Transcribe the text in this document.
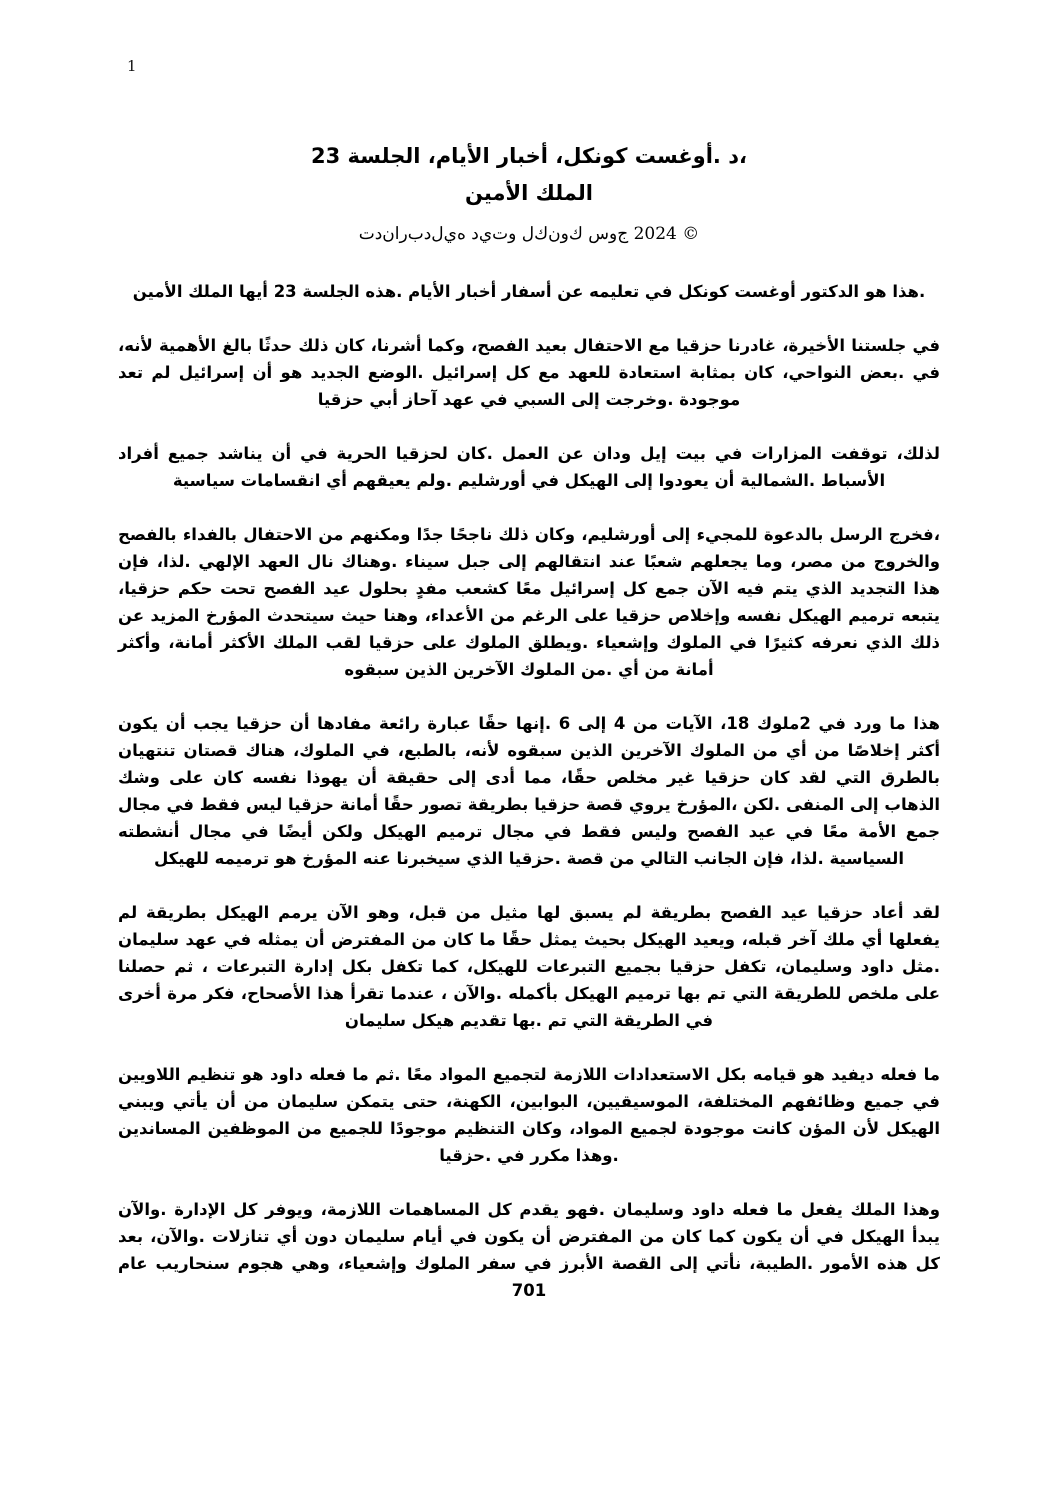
1
،د .أوغست كونكل، أخبار الأيام، الجلسة 23
الملك الأمين
© 2024 ج‌و‌س ك‌و‌ن‌ك‌ل و‌ت‌ي‌د ه‌ي‌ل‌د‌ب‌ر‌ا‌ن‌د‌ت

.هذا هو الدكتور أوغست كونكل في تعليمه عن أسفار أخبار الأيام .هذه الجلسة 23 أيها الملك الأمين

في جلستنا الأخيرة، غادرنا حزقيا مع الاحتفال بعيد الفصح، وكما أشرنا، كان ذلك حدثًا بالغ الأهمية لأنه، في .بعض النواحي، كان بمثابة استعادة للعهد مع كل إسرائيل .الوضع الجديد هو أن إسرائيل لم تعد موجودة .وخرجت إلى السبي في عهد آحاز أبي حزقيا

لذلك، توقفت المزارات في بيت إيل ودان عن العمل .كان لحزقيا الحرية في أن يناشد جميع أفراد الأسباط .الشمالية أن يعودوا إلى الهيكل في أورشليم .ولم يعيقهم أي انقسامات سياسية

،فخرج الرسل بالدعوة للمجيء إلى أورشليم، وكان ذلك ناجحًا جدًا ومكنهم من الاحتفال بالفداء بالفصح والخروج من مصر، وما يجعلهم شعبًا عند انتقالهم إلى جبل سيناء .وهناك نال العهد الإلهي .لذا، فإن هذا التجديد الذي يتم فيه الآن جمع كل إسرائيل معًا كشعب مفدٍ بحلول عيد الفصح تحت حكم حزقيا، يتبعه ترميم الهيكل نفسه وإخلاص حزقيا على الرغم من الأعداء، وهنا حيث سيتحدث المؤرخ المزيد عن ذلك الذي نعرفه كثيرًا في الملوك وإشعياء .ويطلق الملوك على حزقيا لقب الملك الأكثر أمانة، وأكثر أمانة من أي .من الملوك الآخرين الذين سبقوه

هذا ما ورد في 2ملوك 18، الآيات من 4 إلى 6 .إنها حقًا عبارة رائعة مفادها أن حزقيا يجب أن يكون أكثر إخلاصًا من أي من الملوك الآخرين الذين سبقوه لأنه، بالطبع، في الملوك، هناك قصتان تنتهيان بالطرق التي لقد كان حزقيا غير مخلص حقًا، مما أدى إلى حقيقة أن يهوذا نفسه كان على وشك الذهاب إلى المنفى .لكن ،المؤرخ يروي قصة حزقيا بطريقة تصور حقًا أمانة حزقيا ليس فقط في مجال جمع الأمة معًا في عيد الفصح وليس فقط في مجال ترميم الهيكل ولكن أيضًا في مجال أنشطته السياسية .لذا، فإن الجانب التالي من قصة .حزقيا الذي سيخبرنا عنه المؤرخ هو ترميمه للهيكل

لقد أعاد حزقيا عيد الفصح بطريقة لم يسبق لها مثيل من قبل، وهو الآن يرمم الهيكل بطريقة لم يفعلها أي ملك آخر قبله، ويعيد الهيكل بحيث يمثل حقًا ما كان من المفترض أن يمثله في عهد سليمان .مثل داود وسليمان، تكفل حزقيا بجميع التبرعات للهيكل، كما تكفل بكل إدارة التبرعات ، ثم حصلنا على ملخص للطريقة التي تم بها ترميم الهيكل بأكمله .والآن ، عندما تقرأ هذا الأصحاح، فكر مرة أخرى في الطريقة التي تم .بها تقديم هيكل سليمان

ما فعله ديفيد هو قيامه بكل الاستعدادات اللازمة لتجميع المواد معًا .ثم ما فعله داود هو تنظيم اللاويين في جميع وظائفهم المختلفة، الموسيقيين، البوابين، الكهنة، حتى يتمكن سليمان من أن يأتي ويبني الهيكل لأن المؤن كانت موجودة لجميع المواد، وكان التنظيم موجودًا للجميع من الموظفين المساندين .وهذا مكرر في .حزقيا

وهذا الملك يفعل ما فعله داود وسليمان .فهو يقدم كل المساهمات اللازمة، ويوفر كل الإدارة .والآن يبدأ الهيكل في أن يكون كما كان من المفترض أن يكون في أيام سليمان دون أي تنازلات .والآن، بعد كل هذه الأمور .الطيبة، نأتي إلى القصة الأبرز في سفر الملوك وإشعياء، وهي هجوم سنحاريب عام 701
